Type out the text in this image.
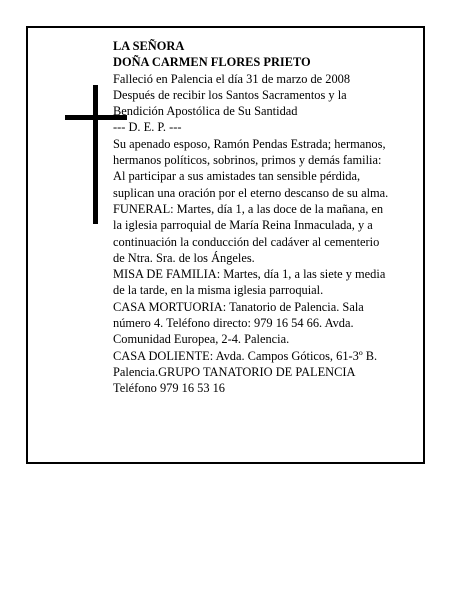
LA SEÑORA

DOÑA CARMEN FLORES PRIETO

Falleció en Palencia el día 31 de marzo de 2008

Después de recibir los Santos Sacramentos y la

Bendición Apostólica de Su Santidad

--- D. E. P. ---

Su apenado esposo, Ramón Pendas Estrada; hermanos,

hermanos políticos, sobrinos, primos y demás familia:

Al participar a sus amistades tan sensible pérdida,

suplican una oración por el eterno descanso de su alma.

FUNERAL: Martes, día 1, a las doce de la mañana, en

la iglesia parroquial de María Reina Inmaculada, y a

continuación la conducción del cadáver al cementerio

de Ntra. Sra. de los Ángeles.

MISA DE FAMILIA: Martes, día 1, a las siete y media

de la tarde, en la misma iglesia parroquial.

CASA MORTUORIA: Tanatorio de Palencia. Sala

número 4. Teléfono directo: 979 16 54 66. Avda.

Comunidad Europea, 2-4. Palencia.

CASA DOLIENTE: Avda. Campos Góticos, 61-3º B.

Palencia.GRUPO TANATORIO DE PALENCIA

Teléfono 979 16 53 16
